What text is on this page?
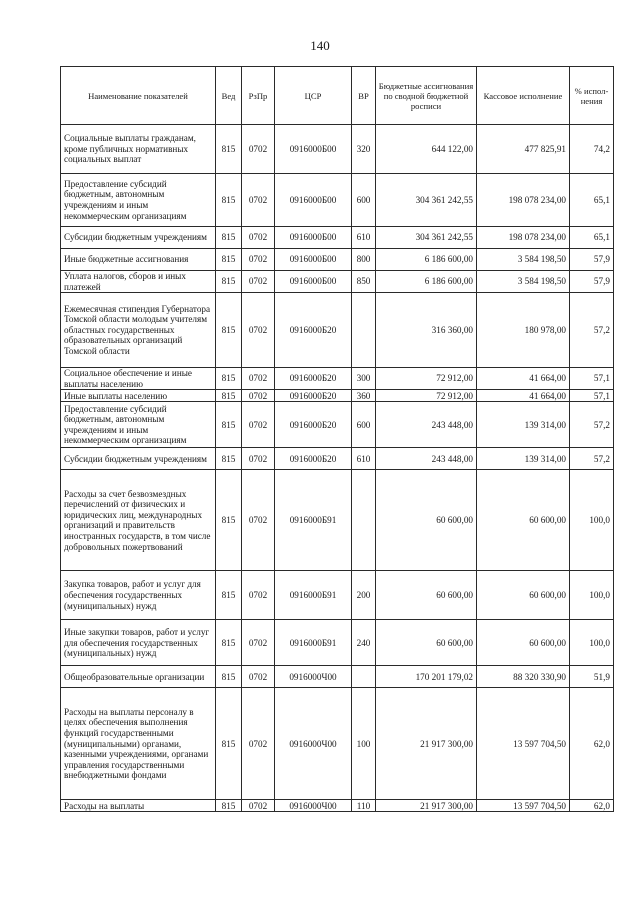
140
Наименование показателей	Вед	РзПр	ЦСР	ВР	Бюджетные ассигнования по сводной бюджетной росписи	Кассовое исполнение	% испол-нения
Социальные выплаты гражданам, кроме публичных нормативных социальных выплат	815	0702	0916000Б00	320	644 122,00	477 825,91	74,2
Предоставление субсидий бюджетным, автономным учреждениям и иным некоммерческим организациям	815	0702	0916000Б00	600	304 361 242,55	198 078 234,00	65,1
Субсидии бюджетным учреждениям	815	0702	0916000Б00	610	304 361 242,55	198 078 234,00	65,1
Иные бюджетные ассигнования	815	0702	0916000Б00	800	6 186 600,00	3 584 198,50	57,9
Уплата налогов, сборов и иных платежей	815	0702	0916000Б00	850	6 186 600,00	3 584 198,50	57,9
Ежемесячная стипендия Губернатора Томской области молодым учителям областных государственных образовательных организаций Томской области	815	0702	0916000Б20		316 360,00	180 978,00	57,2
Социальное обеспечение и иные выплаты населению	815	0702	0916000Б20	300	72 912,00	41 664,00	57,1
Иные выплаты населению	815	0702	0916000Б20	360	72 912,00	41 664,00	57,1
Предоставление субсидий бюджетным, автономным учреждениям и иным некоммерческим организациям	815	0702	0916000Б20	600	243 448,00	139 314,00	57,2
Субсидии бюджетным учреждениям	815	0702	0916000Б20	610	243 448,00	139 314,00	57,2
Расходы за счет безвозмездных перечислений от физических и юридических лиц, международных организаций и правительств иностранных государств, в том числе добровольных пожертвований	815	0702	0916000Б91		60 600,00	60 600,00	100,0
Закупка товаров, работ и услуг для обеспечения государственных (муниципальных) нужд	815	0702	0916000Б91	200	60 600,00	60 600,00	100,0
Иные закупки товаров, работ и услуг для обеспечения государственных (муниципальных) нужд	815	0702	0916000Б91	240	60 600,00	60 600,00	100,0
Общеобразовательные организации	815	0702	0916000Ч00		170 201 179,02	88 320 330,90	51,9
Расходы на выплаты персоналу в целях обеспечения выполнения функций государственными (муниципальными) органами, казенными учреждениями, органами управления государственными внебюджетными фондами	815	0702	0916000Ч00	100	21 917 300,00	13 597 704,50	62,0
Расходы на выплаты	815	0702	0916000Ч00	110	21 917 300,00	13 597 704,50	62,0
